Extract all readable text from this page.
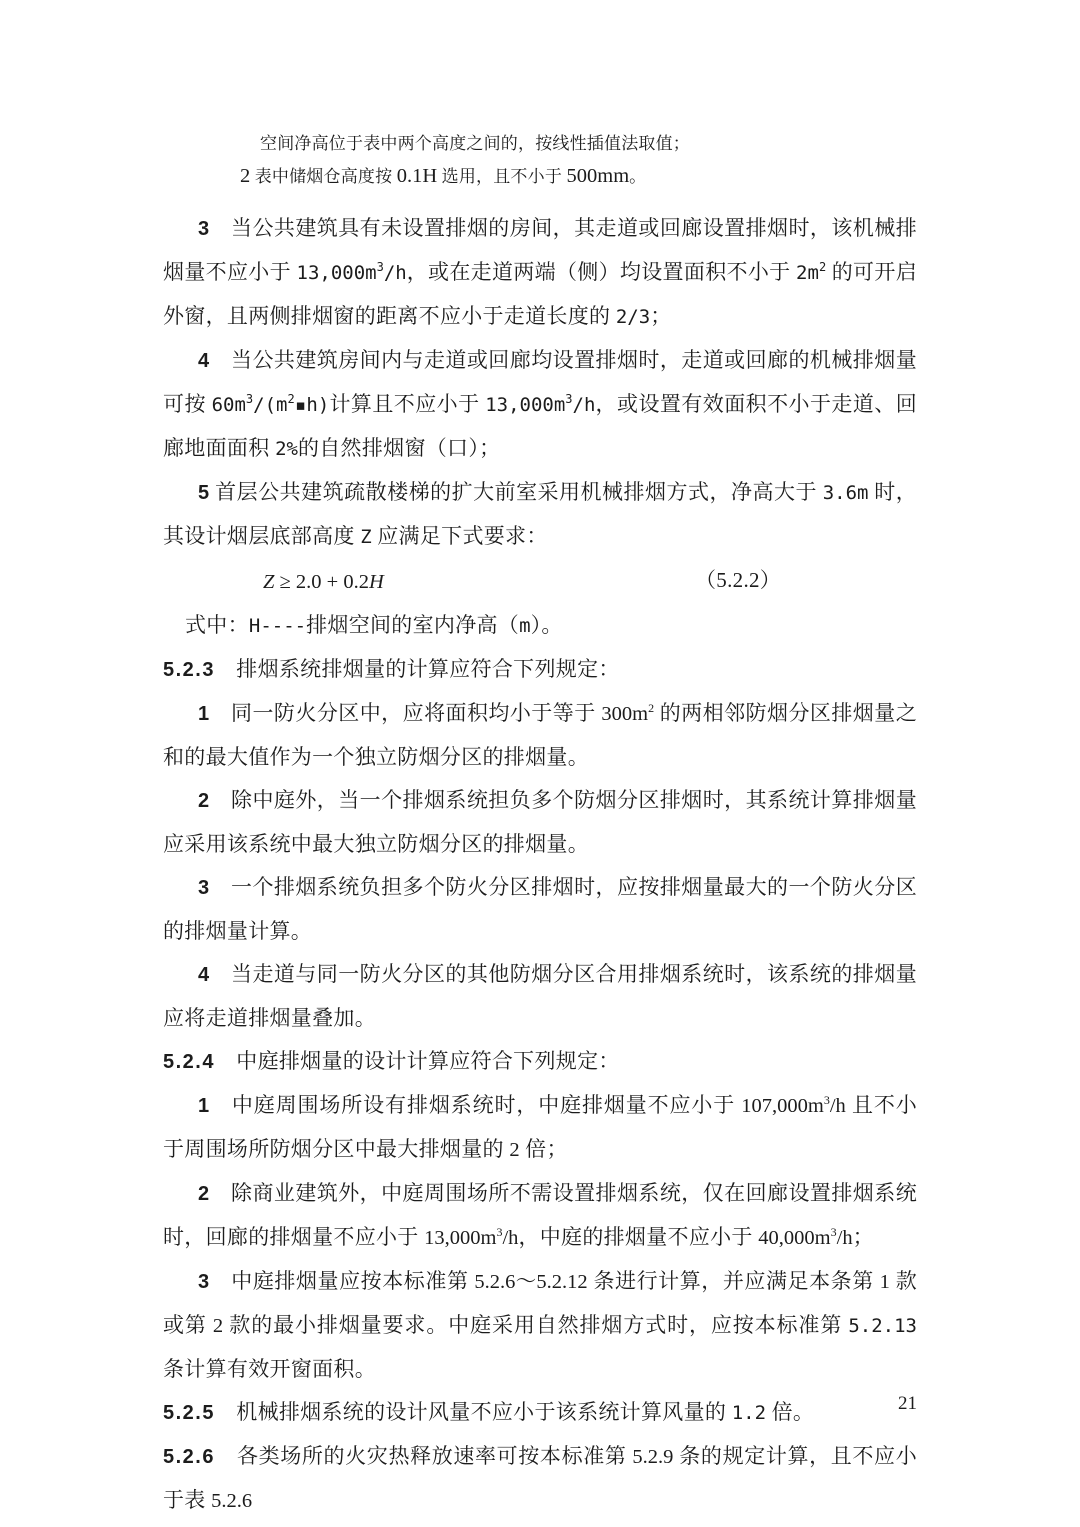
空间净高位于表中两个高度之间的，按线性插值法取值；
2 表中储烟仓高度按 0.1H 选用，且不小于 500mm。
3　当公共建筑具有未设置排烟的房间，其走道或回廊设置排烟时，该机械排烟量不应小于 $13,000m^3/h$，或在走道两端（侧）均设置面积不小于 $2m^2$ 的可开启外窗，且两侧排烟窗的距离不应小于走道长度的 2/3；
4　当公共建筑房间内与走道或回廊均设置排烟时，走道或回廊的机械排烟量可按 $60m^3/(m^2▪h)$计算且不应小于 $13,000m^3/h$，或设置有效面积不小于走道、回廊地面面积 2%的自然排烟窗（口）；
5 首层公共建筑疏散楼梯的扩大前室采用机械排烟方式，净高大于 3.6m 时，其设计烟层底部高度 Z 应满足下式要求：
Z ≥ 2.0 + 0.2H	（5.2.2）
式中：H----排烟空间的室内净高（m）。
5.2.3　排烟系统排烟量的计算应符合下列规定：
1　同一防火分区中，应将面积均小于等于 $300m^2$ 的两相邻防烟分区排烟量之和的最大值作为一个独立防烟分区的排烟量。
2　除中庭外，当一个排烟系统担负多个防烟分区排烟时，其系统计算排烟量应采用该系统中最大独立防烟分区的排烟量。
3　一个排烟系统负担多个防火分区排烟时，应按排烟量最大的一个防火分区的排烟量计算。
4　当走道与同一防火分区的其他防烟分区合用排烟系统时，该系统的排烟量应将走道排烟量叠加。
5.2.4　中庭排烟量的设计计算应符合下列规定：
1　中庭周围场所设有排烟系统时，中庭排烟量不应小于 $107,000m^3/h$ 且不小于周围场所防烟分区中最大排烟量的 2 倍；
2　除商业建筑外，中庭周围场所不需设置排烟系统，仅在回廊设置排烟系统时，回廊的排烟量不应小于 $13,000m^3/h$，中庭的排烟量不应小于 $40,000m^3/h$；
3　中庭排烟量应按本标准第 5.2.6～5.2.12 条进行计算，并应满足本条第 1 款或第 2 款的最小排烟量要求。中庭采用自然排烟方式时，应按本标准第 5.2.13 条计算有效开窗面积。
5.2.5　机械排烟系统的设计风量不应小于该系统计算风量的 1.2 倍。
5.2.6　各类场所的火灾热释放速率可按本标准第 5.2.9 条的规定计算，且不应小于表 5.2.6
21
